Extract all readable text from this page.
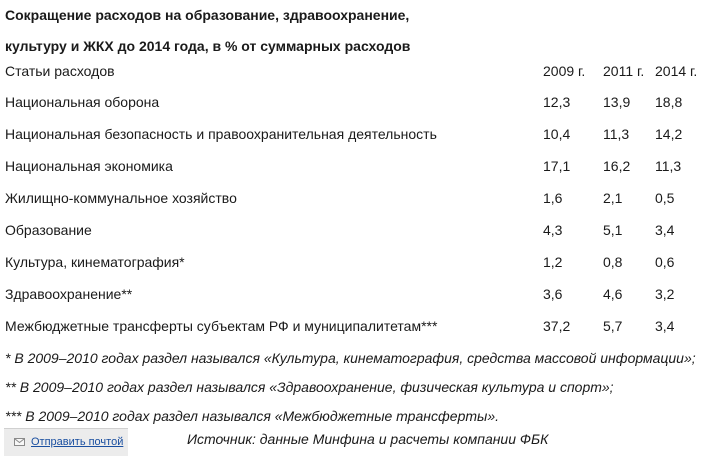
Сокращение расходов на образование, здравоохранение,
культуру и ЖКХ до 2014 года, в % от суммарных расходов
Статьи расходов	2009 г.	2011 г.	2014 г.
Национальная оборона	12,3	13,9	18,8
Национальная безопасность и правоохранительная деятельность	10,4	11,3	14,2
Национальная экономика	17,1	16,2	11,3
Жилищно-коммунальное хозяйство	1,6	2,1	0,5
Образование	4,3	5,1	3,4
Культура, кинематография*	1,2	0,8	0,6
Здравоохранение**	3,6	4,6	3,2
Межбюджетные трансферты субъектам РФ и муниципалитетам***	37,2	5,7	3,4
* В 2009–2010 годах раздел назывался «Культура, кинематография, средства массовой информации»;
** В 2009–2010 годах раздел назывался «Здравоохранение, физическая культура и спорт»;
*** В 2009–2010 годах раздел назывался «Межбюджетные трансферты».
Отправить почтой	Источник: данные Минфина и расчеты компании ФБК
